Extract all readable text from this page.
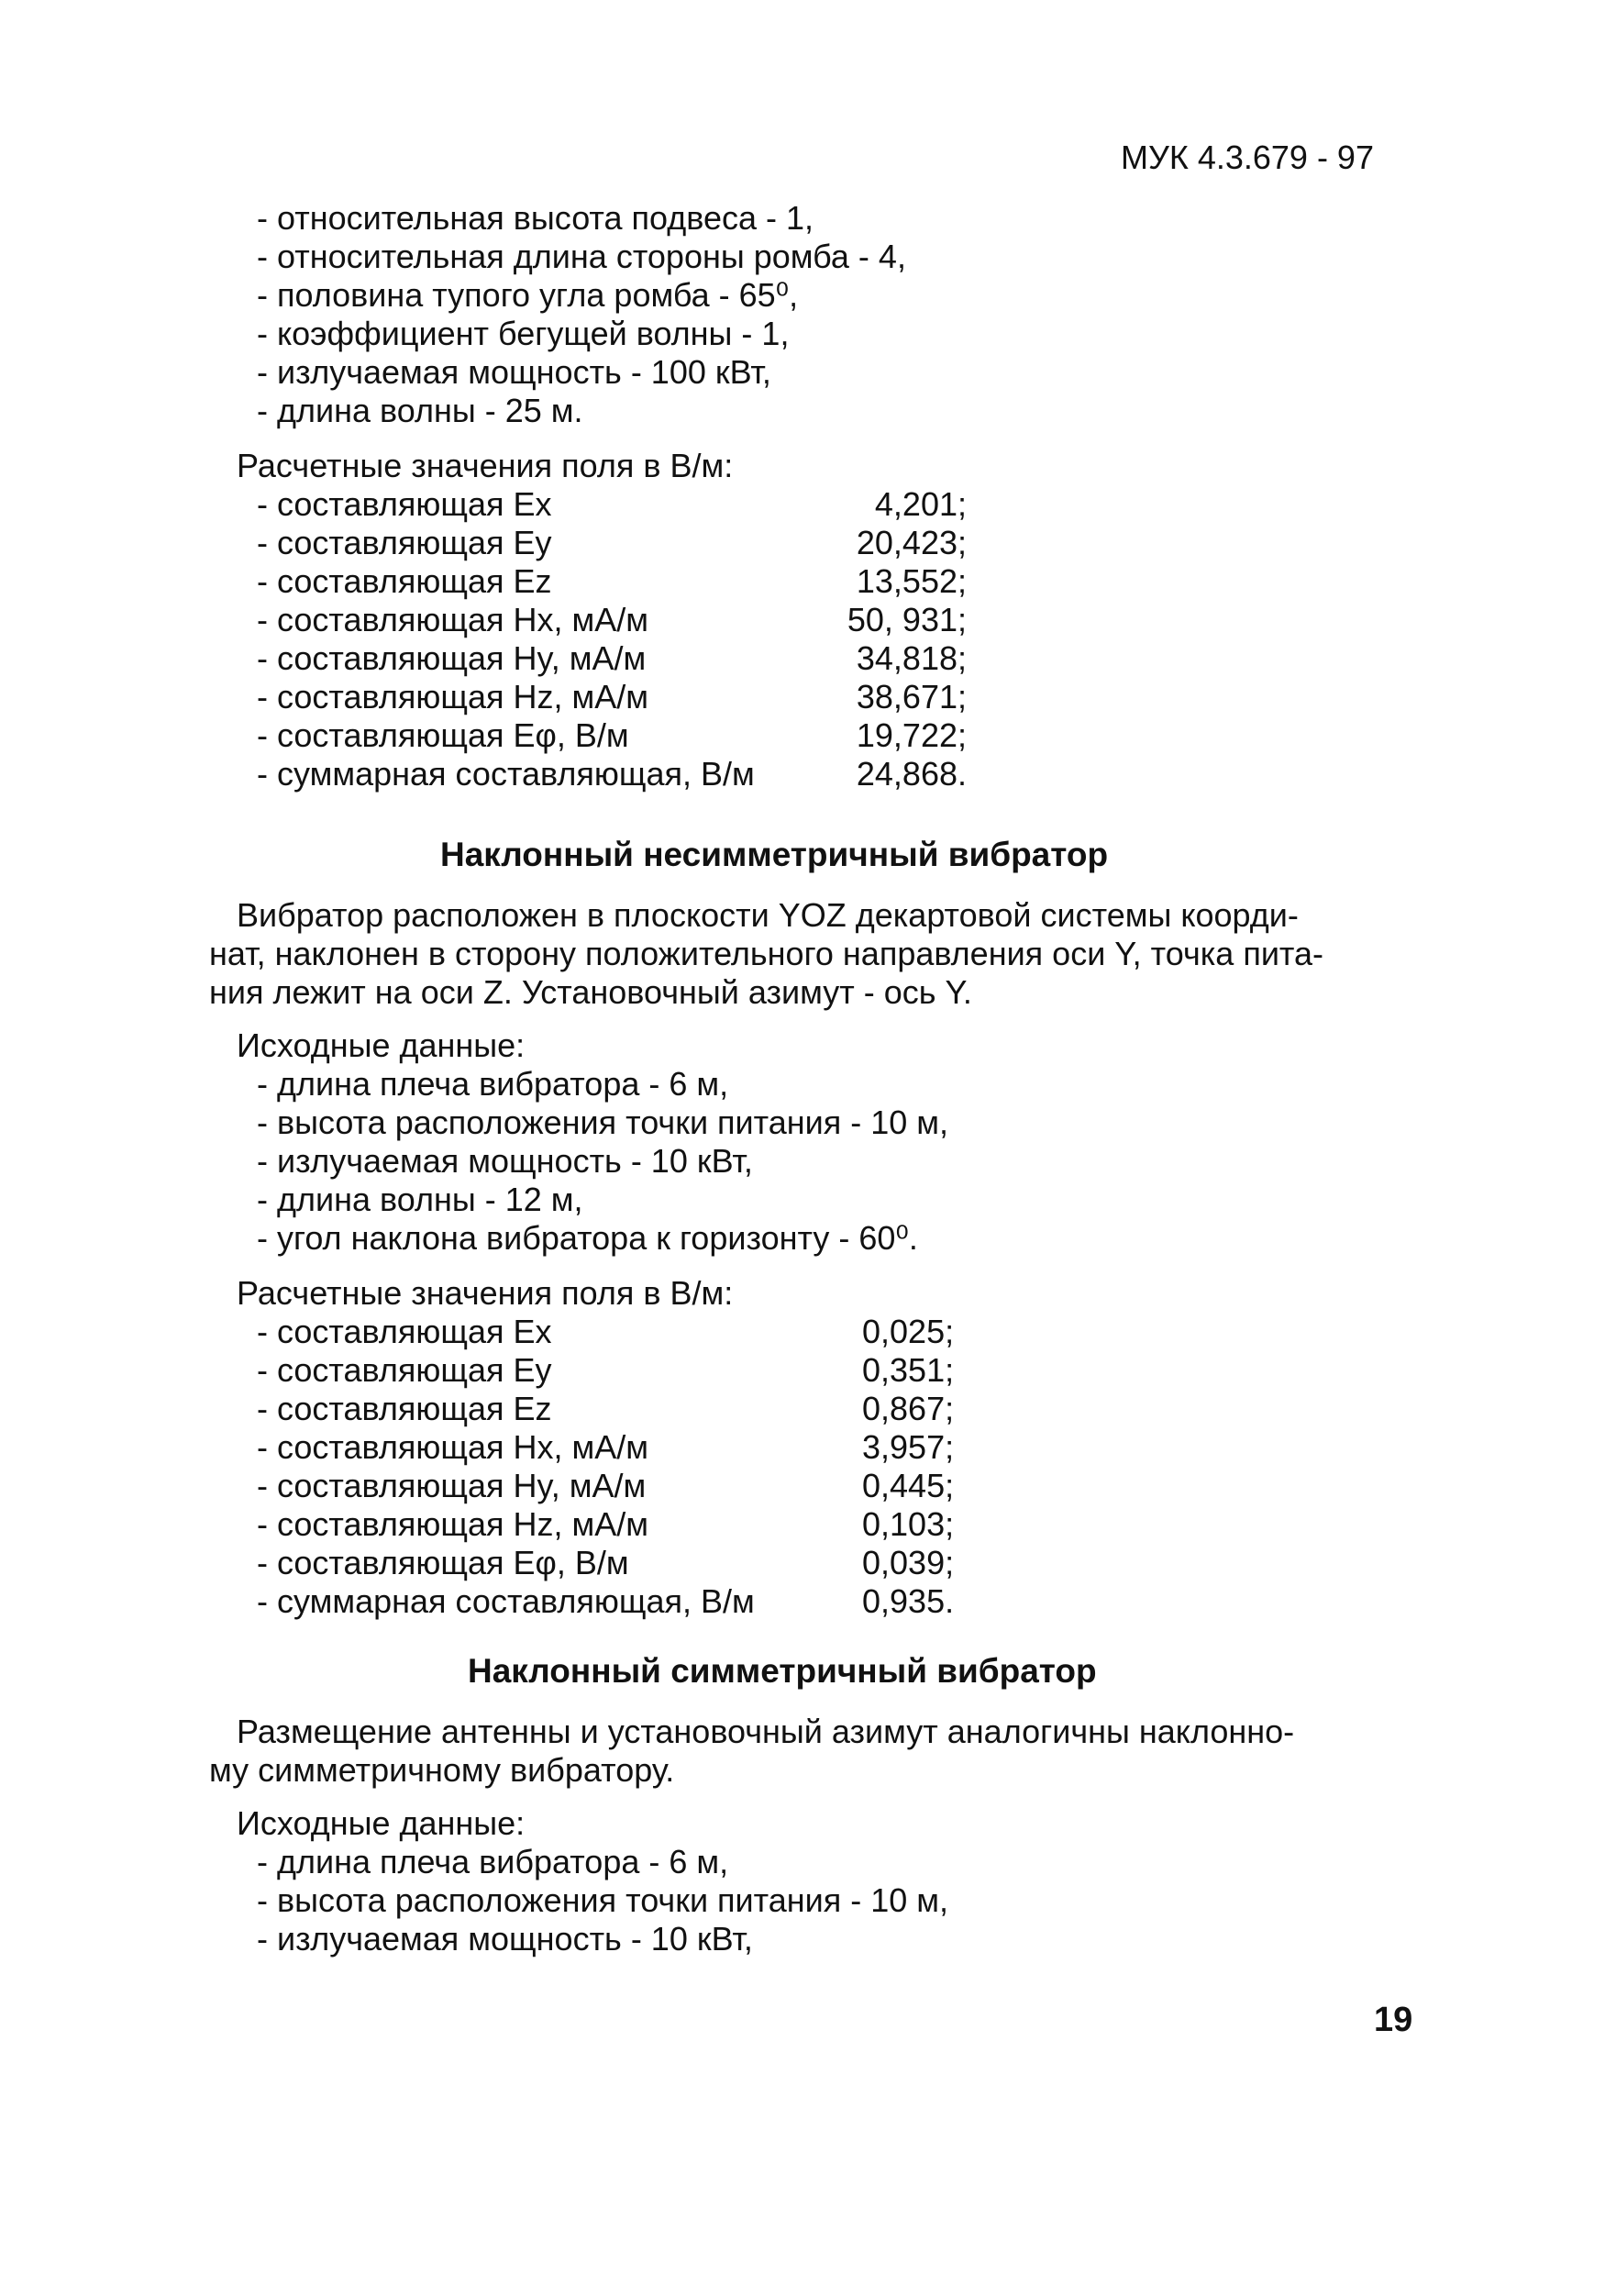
МУК 4.3.679 - 97
- относительная высота подвеса - 1,
- относительная длина стороны ромба - 4,
- половина тупого угла ромба - 65⁰,
- коэффициент бегущей волны - 1,
- излучаемая мощность - 100 кВт,
- длина волны - 25 м.
Расчетные значения поля в В/м:
- составляющая Ex	4,201;
- составляющая Ey	20,423;
- составляющая Ez	13,552;
- составляющая Hx, мА/м	50, 931;
- составляющая Hy, мА/м	34,818;
- составляющая Hz, мА/м	38,671;
- составляющая Eφ, В/м	19,722;
- суммарная составляющая, В/м	24,868.
Наклонный несимметричный вибратор
Вибратор расположен в плоскости YOZ декартовой системы коорди-
нат, наклонен в сторону положительного направления оси Y, точка пита-
ния лежит на оси Z. Установочный азимут - ось Y.
Исходные данные:
- длина плеча вибратора - 6 м,
- высота расположения точки питания - 10 м,
- излучаемая мощность - 10 кВт,
- длина волны - 12 м,
- угол наклона вибратора к горизонту - 60⁰.
Расчетные значения поля в В/м:
- составляющая Ex	0,025;
- составляющая Ey	0,351;
- составляющая Ez	0,867;
- составляющая Hx, мА/м	3,957;
- составляющая Hy, мА/м	0,445;
- составляющая Hz, мА/м	0,103;
- составляющая Eφ, В/м	0,039;
- суммарная составляющая, В/м	0,935.
Наклонный симметричный вибратор
Размещение антенны и установочный азимут аналогичны наклонно-
му симметричному вибратору.
Исходные данные:
- длина плеча вибратора - 6 м,
- высота расположения точки питания - 10 м,
- излучаемая мощность - 10 кВт,
19
